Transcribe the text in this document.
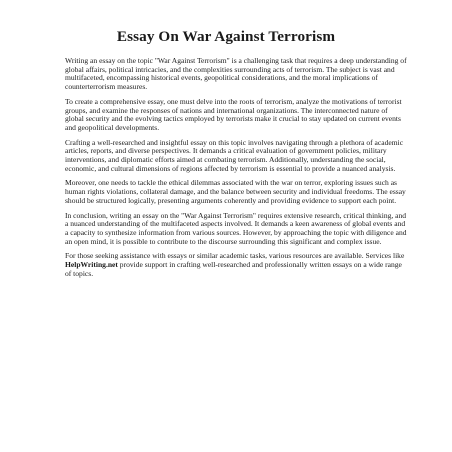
Essay On War Against Terrorism

Writing an essay on the topic "War Against Terrorism" is a challenging task that requires a deep understanding of global affairs, political intricacies, and the complexities surrounding acts of terrorism. The subject is vast and multifaceted, encompassing historical events, geopolitical considerations, and the moral implications of counterterrorism measures.

To create a comprehensive essay, one must delve into the roots of terrorism, analyze the motivations of terrorist groups, and examine the responses of nations and international organizations. The interconnected nature of global security and the evolving tactics employed by terrorists make it crucial to stay updated on current events and geopolitical developments.

Crafting a well-researched and insightful essay on this topic involves navigating through a plethora of academic articles, reports, and diverse perspectives. It demands a critical evaluation of government policies, military interventions, and diplomatic efforts aimed at combating terrorism. Additionally, understanding the social, economic, and cultural dimensions of regions affected by terrorism is essential to provide a nuanced analysis.

Moreover, one needs to tackle the ethical dilemmas associated with the war on terror, exploring issues such as human rights violations, collateral damage, and the balance between security and individual freedoms. The essay should be structured logically, presenting arguments coherently and providing evidence to support each point.

In conclusion, writing an essay on the "War Against Terrorism" requires extensive research, critical thinking, and a nuanced understanding of the multifaceted aspects involved. It demands a keen awareness of global events and a capacity to synthesize information from various sources. However, by approaching the topic with diligence and an open mind, it is possible to contribute to the discourse surrounding this significant and complex issue.

For those seeking assistance with essays or similar academic tasks, various resources are available. Services like HelpWriting.net provide support in crafting well-researched and professionally written essays on a wide range of topics.
